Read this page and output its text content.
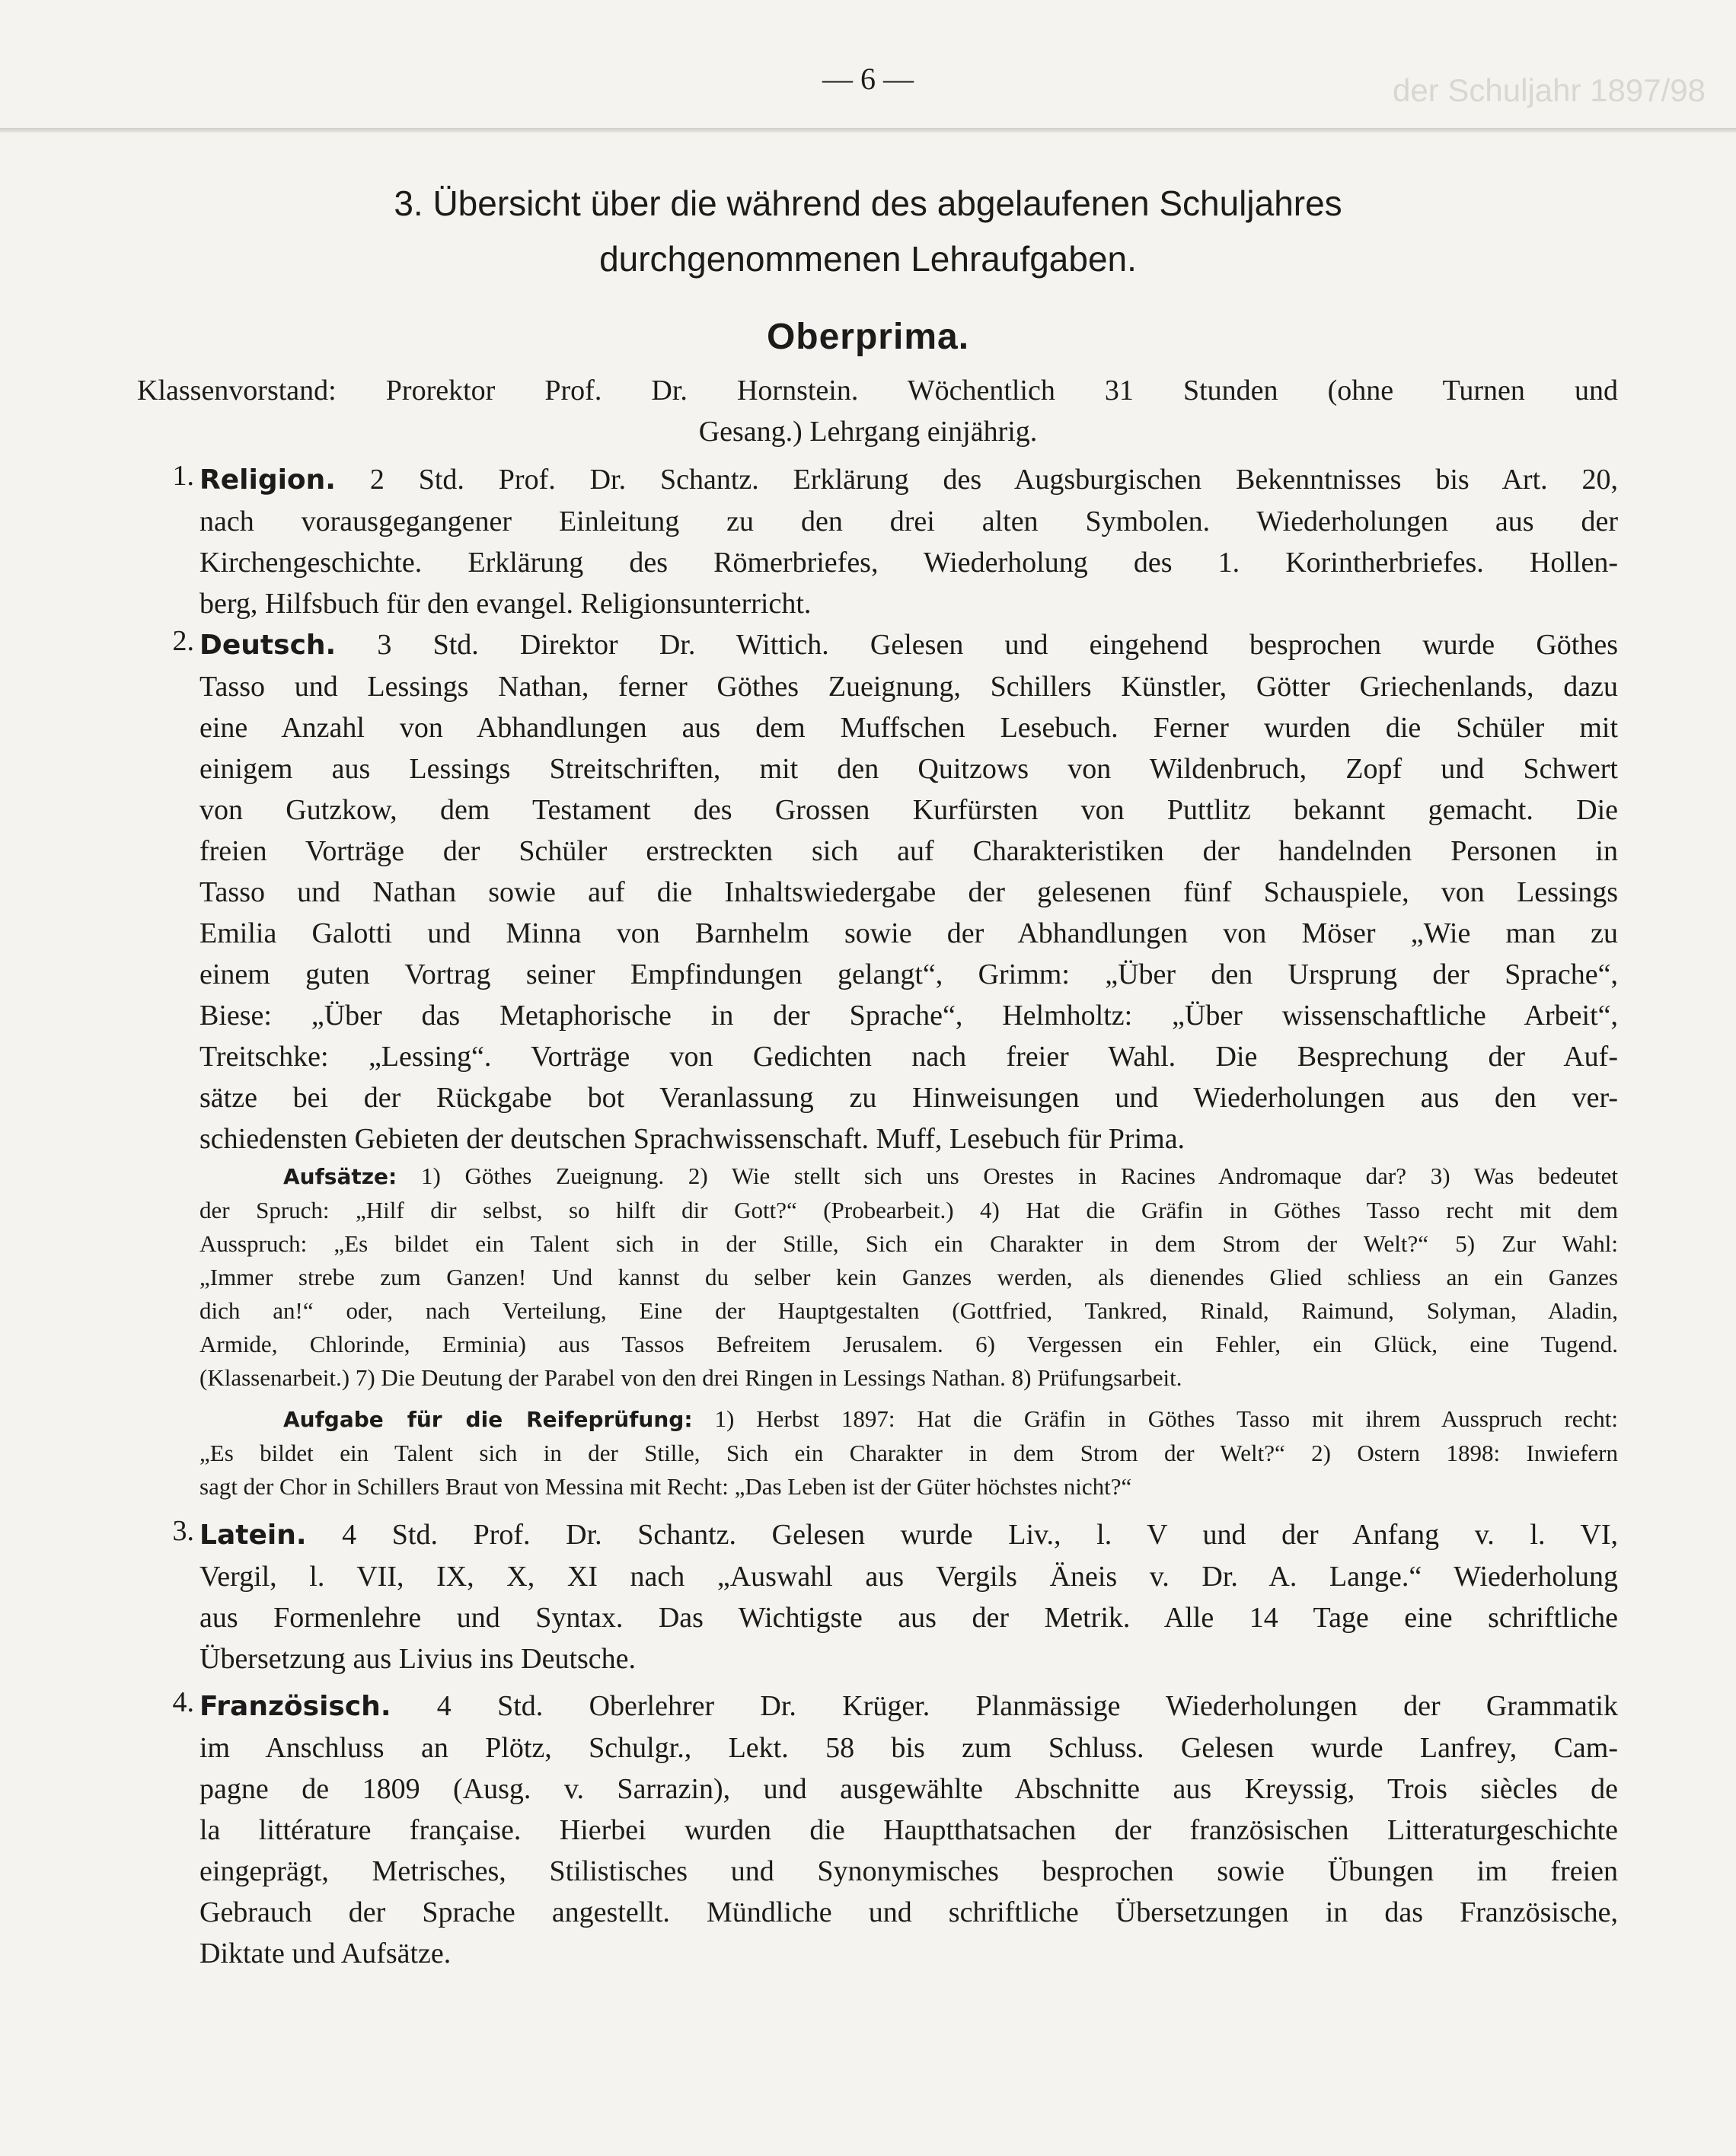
der Schuljahr 1897/98
— 6 —
3. Übersicht über die während des abgelaufenen Schuljahres
durchgenommenen Lehraufgaben.
Oberprima.
Klassenvorstand: Prorektor Prof. Dr. Hornstein. Wöchentlich 31 Stunden (ohne Turnen und
Gesang.) Lehrgang einjährig.
1. Religion. 2 Std. Prof. Dr. Schantz. Erklärung des Augsburgischen Bekenntnisses bis Art. 20,
nach vorausgegangener Einleitung zu den drei alten Symbolen. Wiederholungen aus der
Kirchengeschichte. Erklärung des Römerbriefes, Wiederholung des 1. Korintherbriefes. Hollen-
berg, Hilfsbuch für den evangel. Religionsunterricht.
2. Deutsch. 3 Std. Direktor Dr. Wittich. Gelesen und eingehend besprochen wurde Göthes
Tasso und Lessings Nathan, ferner Göthes Zueignung, Schillers Künstler, Götter Griechenlands, dazu
eine Anzahl von Abhandlungen aus dem Muffschen Lesebuch. Ferner wurden die Schüler mit
einigem aus Lessings Streitschriften, mit den Quitzows von Wildenbruch, Zopf und Schwert
von Gutzkow, dem Testament des Grossen Kurfürsten von Puttlitz bekannt gemacht. Die
freien Vorträge der Schüler erstreckten sich auf Charakteristiken der handelnden Personen in
Tasso und Nathan sowie auf die Inhaltswiedergabe der gelesenen fünf Schauspiele, von Lessings
Emilia Galotti und Minna von Barnhelm sowie der Abhandlungen von Möser „Wie man zu
einem guten Vortrag seiner Empfindungen gelangt“, Grimm: „Über den Ursprung der Sprache“,
Biese: „Über das Metaphorische in der Sprache“, Helmholtz: „Über wissenschaftliche Arbeit“,
Treitschke: „Lessing“. Vorträge von Gedichten nach freier Wahl. Die Besprechung der Auf-
sätze bei der Rückgabe bot Veranlassung zu Hinweisungen und Wiederholungen aus den ver-
schiedensten Gebieten der deutschen Sprachwissenschaft. Muff, Lesebuch für Prima.
Aufsätze: 1) Göthes Zueignung. 2) Wie stellt sich uns Orestes in Racines Andromaque dar? 3) Was bedeutet
der Spruch: „Hilf dir selbst, so hilft dir Gott?“ (Probearbeit.) 4) Hat die Gräfin in Göthes Tasso recht mit dem
Ausspruch: „Es bildet ein Talent sich in der Stille, Sich ein Charakter in dem Strom der Welt?“ 5) Zur Wahl:
„Immer strebe zum Ganzen! Und kannst du selber kein Ganzes werden, als dienendes Glied schliess an ein Ganzes
dich an!“ oder, nach Verteilung, Eine der Hauptgestalten (Gottfried, Tankred, Rinald, Raimund, Solyman, Aladin,
Armide, Chlorinde, Erminia) aus Tassos Befreitem Jerusalem. 6) Vergessen ein Fehler, ein Glück, eine Tugend.
(Klassenarbeit.) 7) Die Deutung der Parabel von den drei Ringen in Lessings Nathan. 8) Prüfungsarbeit.
Aufgabe für die Reifeprüfung: 1) Herbst 1897: Hat die Gräfin in Göthes Tasso mit ihrem Ausspruch recht:
„Es bildet ein Talent sich in der Stille, Sich ein Charakter in dem Strom der Welt?“ 2) Ostern 1898: Inwiefern
sagt der Chor in Schillers Braut von Messina mit Recht: „Das Leben ist der Güter höchstes nicht?“
3. Latein. 4 Std. Prof. Dr. Schantz. Gelesen wurde Liv., l. V und der Anfang v. l. VI,
Vergil, l. VII, IX, X, XI nach „Auswahl aus Vergils Äneis v. Dr. A. Lange.“ Wiederholung
aus Formenlehre und Syntax. Das Wichtigste aus der Metrik. Alle 14 Tage eine schriftliche
Übersetzung aus Livius ins Deutsche.
4. Französisch. 4 Std. Oberlehrer Dr. Krüger. Planmässige Wiederholungen der Grammatik
im Anschluss an Plötz, Schulgr., Lekt. 58 bis zum Schluss. Gelesen wurde Lanfrey, Cam-
pagne de 1809 (Ausg. v. Sarrazin), und ausgewählte Abschnitte aus Kreyssig, Trois siècles de
la littérature française. Hierbei wurden die Hauptthatsachen der französischen Litteraturgeschichte
eingeprägt, Metrisches, Stilistisches und Synonymisches besprochen sowie Übungen im freien
Gebrauch der Sprache angestellt. Mündliche und schriftliche Übersetzungen in das Französische,
Diktate und Aufsätze.
